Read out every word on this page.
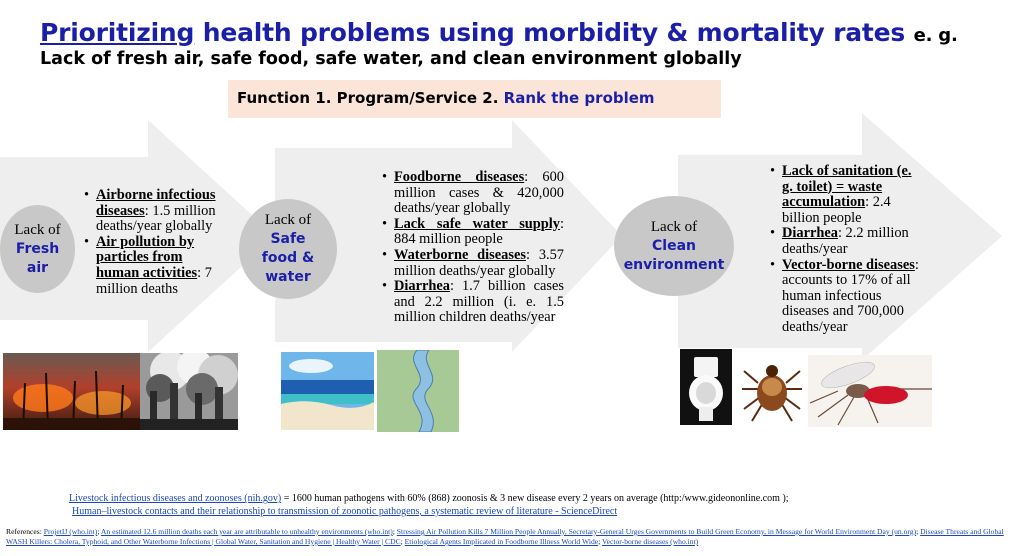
Prioritizing health problems using morbidity & mortality rates e. g.
Lack of fresh air, safe food, safe water, and clean environment globally
Function 1. Program/Service 2. Rank the problem
Lack of
Fresh
air
• Airborne infectious diseases: 1.5 million deaths/year globally
• Air pollution by particles from human activities: 7 million deaths
Lack of
Safe
food &
water
• Foodborne diseases: 600 million cases & 420,000 deaths/year globally
• Lack safe water supply: 884 million people
• Waterborne diseases: 3.57 million deaths/year globally
• Diarrhea: 1.7 billion cases and 2.2 million (i. e. 1.5 million children deaths/year
Lack of
Clean
environment
• Lack of sanitation (e. g. toilet) = waste accumulation: 2.4 billion people
• Diarrhea: 2.2 million deaths/year
• Vector-borne diseases: accounts to 17% of all human infectious diseases and 700,000 deaths/year
Livestock infectious diseases and zoonoses (nih.gov) = 1600 human pathogens with 60% (868) zoonosis & 3 new disease every 2 years on average (http:/www.gideononline.com );
Human–livestock contacts and their relationship to transmission of zoonotic pathogens, a systematic review of literature - ScienceDirect
References: ProjetIJ (who.int); An estimated 12.6 million deaths each year are attributable to unhealthy environments (who.int); Stressing Air Pollution Kills 7 Million People Annually, Secretary-General Urges Governments to Build Green Economy, in Message for World Environment Day (un.org); Disease Threats and Global WASH Killers: Cholera, Typhoid, and Other Waterborne Infections | Global Water, Sanitation and Hygiene | Healthy Water | CDC; Etiological Agents Implicated in Foodborne Illness World Wide; Vector-borne diseases (who.int)
